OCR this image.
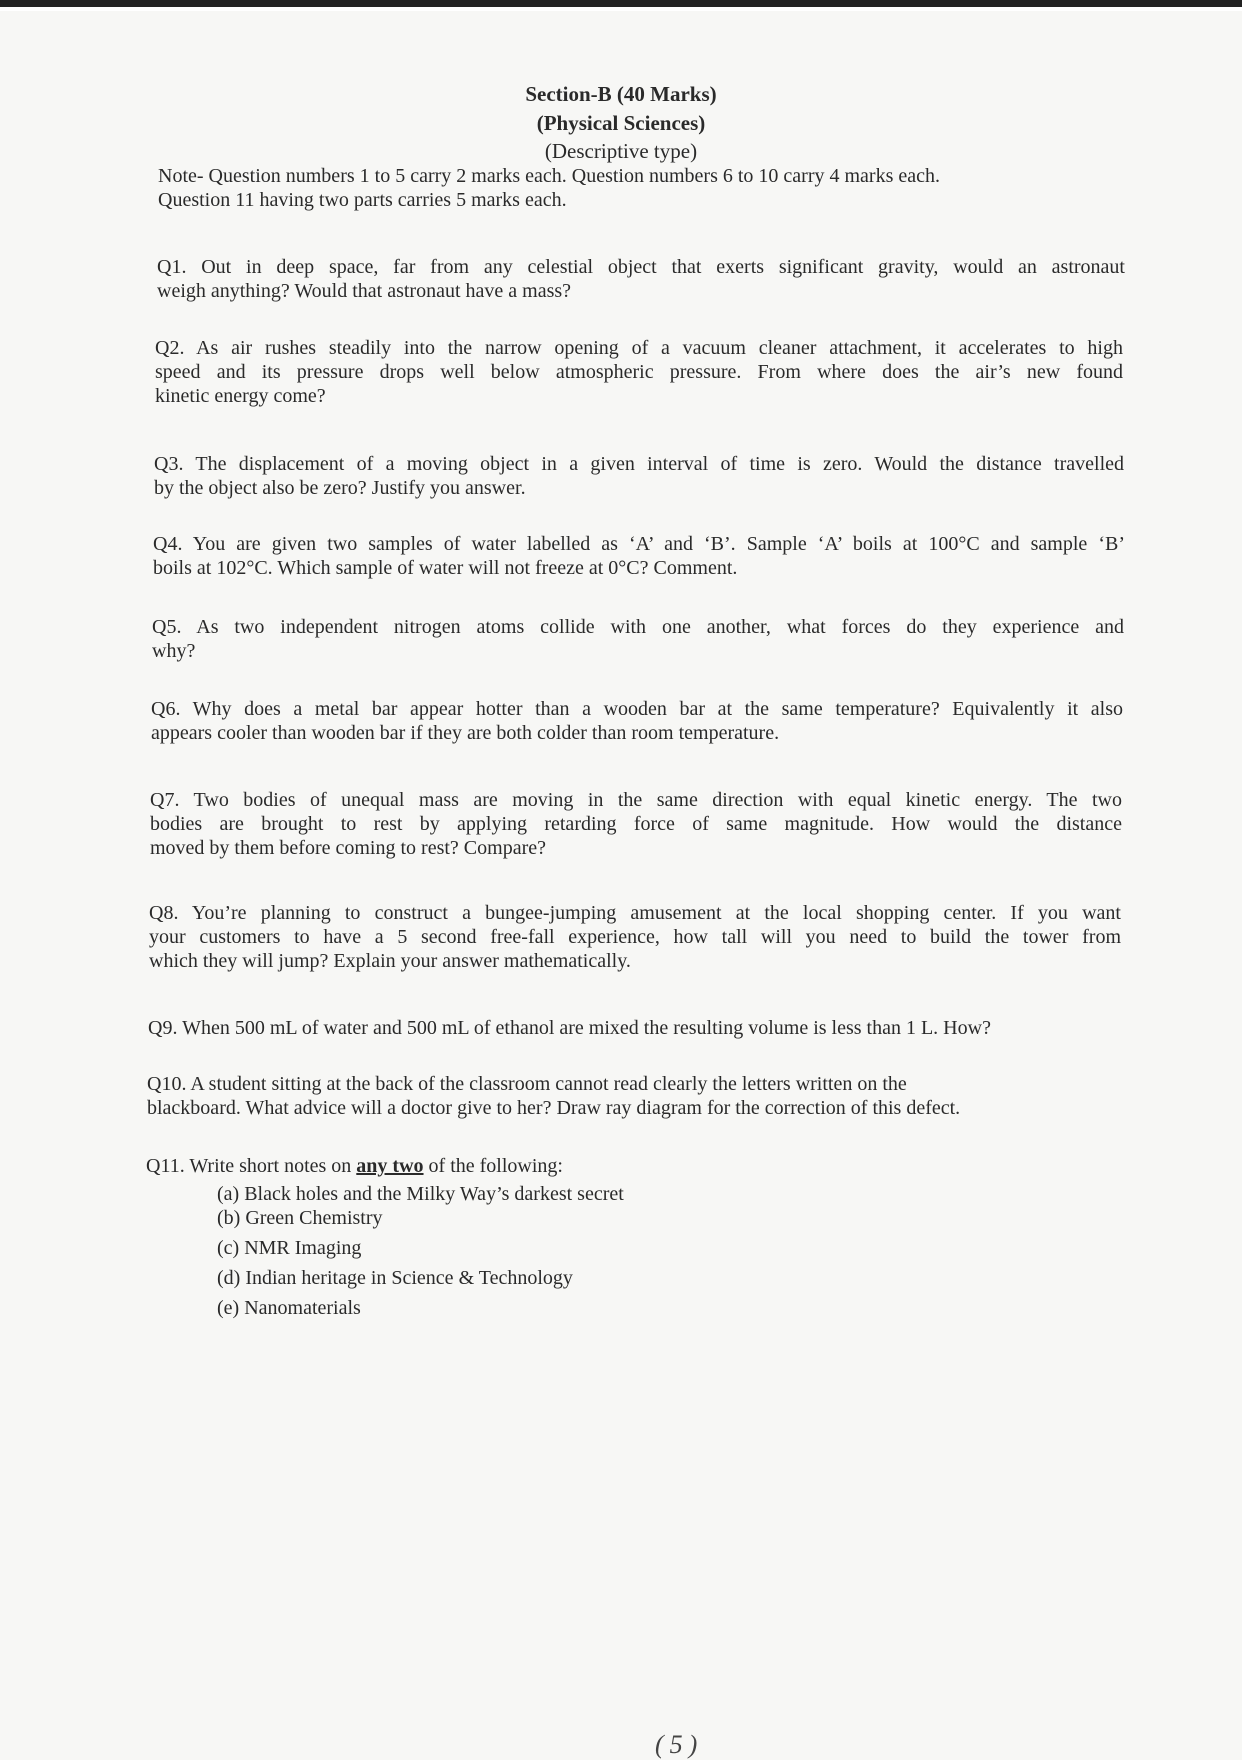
Section-B (40 Marks)
(Physical Sciences)
(Descriptive type)
Note- Question numbers 1 to 5 carry 2 marks each. Question numbers 6 to 10 carry 4 marks each.
Question 11 having two parts carries 5 marks each.
Q1. Out in deep space, far from any celestial object that exerts significant gravity, would an astronaut
weigh anything? Would that astronaut have a mass?
Q2. As air rushes steadily into the narrow opening of a vacuum cleaner attachment, it accelerates to high
speed and its pressure drops well below atmospheric pressure. From where does the air’s new found
kinetic energy come?
Q3. The displacement of a moving object in a given interval of time is zero. Would the distance travelled
by the object also be zero? Justify you answer.
Q4. You are given two samples of water labelled as ‘A’ and ‘B’. Sample ‘A’ boils at 100°C and sample ‘B’
boils at 102°C. Which sample of water will not freeze at 0°C? Comment.
Q5. As two independent nitrogen atoms collide with one another, what forces do they experience and
why?
Q6. Why does a metal bar appear hotter than a wooden bar at the same temperature? Equivalently it also
appears cooler than wooden bar if they are both colder than room temperature.
Q7. Two bodies of unequal mass are moving in the same direction with equal kinetic energy. The two
bodies are brought to rest by applying retarding force of same magnitude. How would the distance
moved by them before coming to rest? Compare?
Q8. You’re planning to construct a bungee-jumping amusement at the local shopping center. If you want
your customers to have a 5 second free-fall experience, how tall will you need to build the tower from
which they will jump? Explain your answer mathematically.
Q9. When 500 mL of water and 500 mL of ethanol are mixed the resulting volume is less than 1 L. How?
Q10. A student sitting at the back of the classroom cannot read clearly the letters written on the
blackboard. What advice will a doctor give to her? Draw ray diagram for the correction of this defect.
Q11. Write short notes on any two of the following:
(a) Black holes and the Milky Way’s darkest secret
(b) Green Chemistry
(c) NMR Imaging
(d) Indian heritage in Science & Technology
(e) Nanomaterials
(5)
